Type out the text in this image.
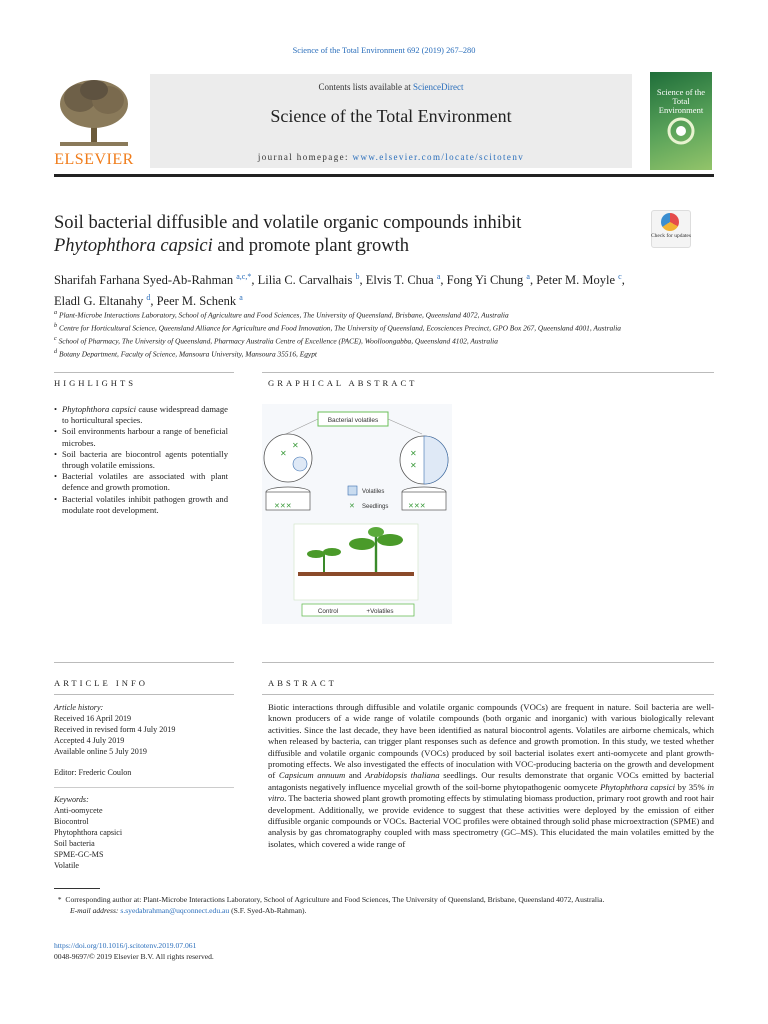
Science of the Total Environment 692 (2019) 267–280
ELSEVIER
Contents lists available at ScienceDirect
Science of the Total Environment
journal homepage: www.elsevier.com/locate/scitotenv
Science of the Total Environment
Soil bacterial diffusible and volatile organic compounds inhibit
Phytophthora capsici and promote plant growth	Check for updates
Sharifah Farhana Syed-Ab-Rahman $^{a,c,*}$, Lilia C. Carvalhais $^b$, Elvis T. Chua $^a$, Fong Yi Chung $^a$, Peter M. Moyle $^c$,
Eladl G. Eltanahy $^d$, Peer M. Schenk $^a$
$^a$ Plant-Microbe Interactions Laboratory, School of Agriculture and Food Sciences, The University of Queensland, Brisbane, Queensland 4072, Australia
$^b$ Centre for Horticultural Science, Queensland Alliance for Agriculture and Food Innovation, The University of Queensland, Ecosciences Precinct, GPO Box 267, Queensland 4001, Australia
$^c$ School of Pharmacy, The University of Queensland, Pharmacy Australia Centre of Excellence (PACE), Woolloongabba, Queensland 4102, Australia
$^d$ Botany Department, Faculty of Science, Mansoura University, Mansoura 35516, Egypt
HIGHLIGHTS	GRAPHICAL ABSTRACT
• Phytophthora capsici cause widespread damage to horticultural species.
• Soil environments harbour a range of beneficial microbes.
• Soil bacteria are biocontrol agents potentially through volatile emissions.
• Bacterial volatiles are associated with plant defence and growth promotion.
• Bacterial volatiles inhibit pathogen growth and modulate root development.
Bacterial volatiles
✕
✕
✕
✕
✕✕✕
Volatiles
✕ Seedlings	✕✕✕
Control	+Volatiles
ARTICLE INFO	ABSTRACT
Article history:
Received 16 April 2019
Received in revised form 4 July 2019
Accepted 4 July 2019
Available online 5 July 2019
Editor: Frederic Coulon
Keywords:
Anti-oomycete
Biocontrol
Phytophthora capsici
Soil bacteria
SPME-GC-MS
Volatile
Biotic interactions through diffusible and volatile organic compounds (VOCs) are frequent in nature. Soil bacteria are well-known producers of a wide range of volatile compounds (both organic and inorganic) with various biologically relevant activities. Since the last decade, they have been identified as natural biocontrol agents. Volatiles are airborne chemicals, which when released by bacteria, can trigger plant responses such as defence and growth promotion. In this study, we tested whether diffusible and volatile organic compounds (VOCs) produced by soil bacterial isolates exert anti-oomycete and plant growth-promoting effects. We also investigated the effects of inoculation with VOC-producing bacteria on the growth and development of Capsicum annuum and Arabidopsis thaliana seedlings. Our results demonstrate that organic VOCs emitted by bacterial antagonists negatively influence mycelial growth of the soil-borne phytopathogenic oomycete Phytophthora capsici by 35% in vitro. The bacteria showed plant growth promoting effects by stimulating biomass production, primary root growth and root hair development. Additionally, we provide evidence to suggest that these activities were deployed by the emission of either diffusible organic compounds or VOCs. Bacterial VOC profiles were obtained through solid phase microextraction (SPME) and analysis by gas chromatography coupled with mass spectrometry (GC–MS). This elucidated the main volatiles emitted by the isolates, which covered a wide range of
* Corresponding author at: Plant-Microbe Interactions Laboratory, School of Agriculture and Food Sciences, The University of Queensland, Brisbane, Queensland 4072, Australia.
E-mail address: s.syedabrahman@uqconnect.edu.au (S.F. Syed-Ab-Rahman).
https://doi.org/10.1016/j.scitotenv.2019.07.061
0048-9697/© 2019 Elsevier B.V. All rights reserved.
